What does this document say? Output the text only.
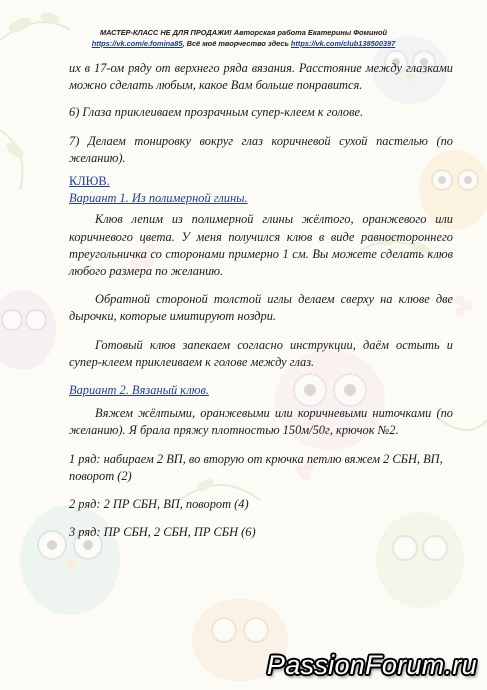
МАСТЕР-КЛАСС НЕ ДЛЯ ПРОДАЖИ! Авторская работа Екатерины Фоминой
https://vk.com/e.fomina85, Всё моё творчество здесь https://vk.com/club138500397

их в 17-ом ряду от верхнего ряда вязания. Расстояние между глазками можно сделать любым, какое Вам больше понравится.

6) Глаза приклеиваем прозрачным супер-клеем к голове.

7) Делаем тонировку вокруг глаз коричневой сухой пастелью (по желанию).

КЛЮВ.

Вариант 1. Из полимерной глины.

Клюв лепим из полимерной глины жёлтого, оранжевого или коричневого цвета. У меня получился клюв в виде равностороннего треугольничка со сторонами примерно 1 см. Вы можете сделать клюв любого размера по желанию.

Обратной стороной толстой иглы делаем сверху на клюве две дырочки, которые имитируют ноздри.

Готовый клюв запекаем согласно инструкции, даём остыть и супер-клеем приклеиваем к голове между глаз.

Вариант 2. Вязаный клюв.

Вяжем жёлтыми, оранжевыми или коричневыми ниточками (по желанию). Я брала пряжу плотностью 150м/50г, крючок №2.

1 ряд: набираем 2 ВП, во вторую от крючка петлю вяжем 2 СБН, ВП, поворот (2)

2 ряд: 2 ПР СБН, ВП, поворот (4)

3 ряд: ПР СБН, 2 СБН, ПР СБН (6)

PassionForum.ru
